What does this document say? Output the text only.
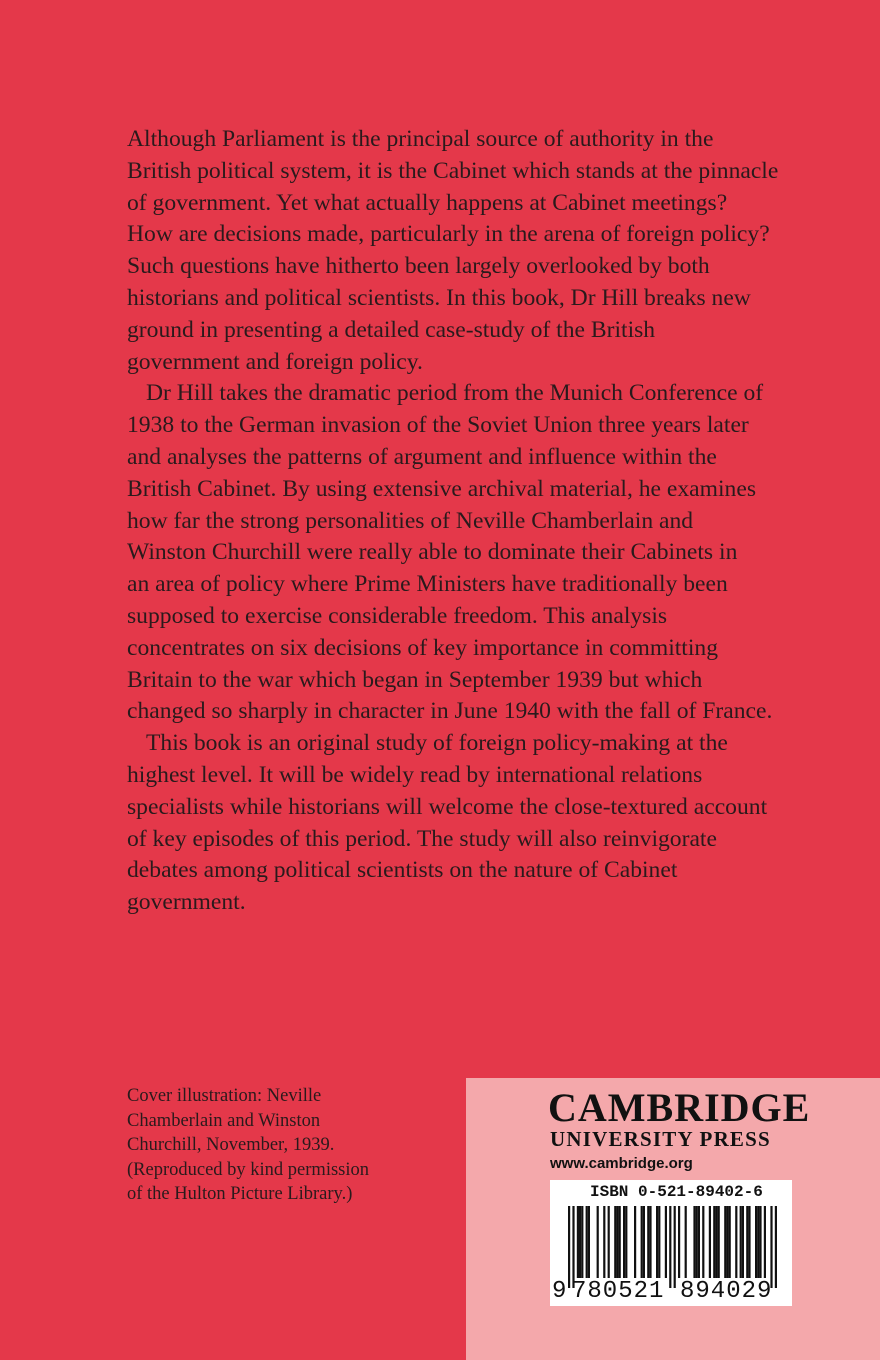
Although Parliament is the principal source of authority in the
British political system, it is the Cabinet which stands at the pinnacle
of government. Yet what actually happens at Cabinet meetings?
How are decisions made, particularly in the arena of foreign policy?
Such questions have hitherto been largely overlooked by both
historians and political scientists. In this book, Dr Hill breaks new
ground in presenting a detailed case-study of the British
government and foreign policy.

Dr Hill takes the dramatic period from the Munich Conference of
1938 to the German invasion of the Soviet Union three years later
and analyses the patterns of argument and influence within the
British Cabinet. By using extensive archival material, he examines
how far the strong personalities of Neville Chamberlain and
Winston Churchill were really able to dominate their Cabinets in
an area of policy where Prime Ministers have traditionally been
supposed to exercise considerable freedom. This analysis
concentrates on six decisions of key importance in committing
Britain to the war which began in September 1939 but which
changed so sharply in character in June 1940 with the fall of France.

This book is an original study of foreign policy-making at the
highest level. It will be widely read by international relations
specialists while historians will welcome the close-textured account
of key episodes of this period. The study will also reinvigorate
debates among political scientists on the nature of Cabinet
government.

Cover illustration: Neville
Chamberlain and Winston
Churchill, November, 1939.
(Reproduced by kind permission
of the Hulton Picture Library.)

CAMBRIDGE

UNIVERSITY PRESS

www.cambridge.org

ISBN 0-521-89402-6

9 780521 894029
